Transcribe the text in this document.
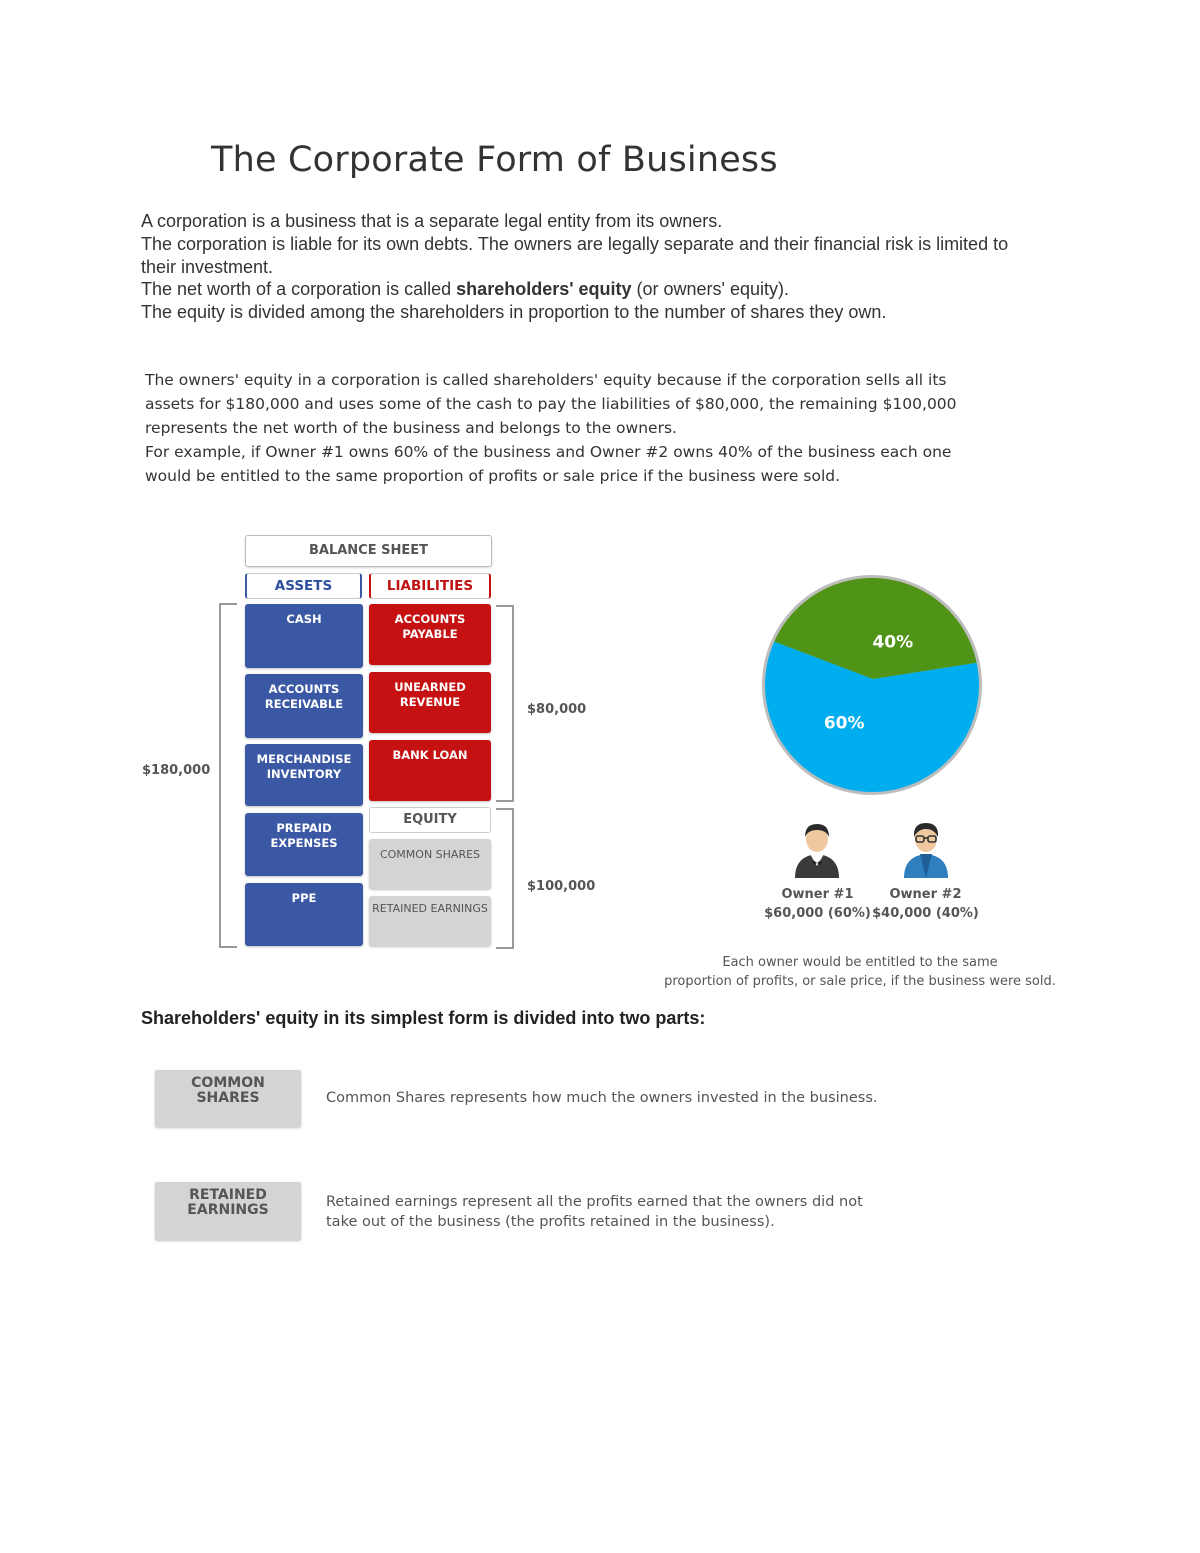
The Corporate Form of Business

A corporation is a business that is a separate legal entity from its owners.

The corporation is liable for its own debts. The owners are legally separate and their financial risk is limited to their investment.

The net worth of a corporation is called shareholders' equity (or owners' equity).

The equity is divided among the shareholders in proportion to the number of shares they own.

The owners' equity in a corporation is called shareholders' equity because if the corporation sells all its assets for $180,000 and uses some of the cash to pay the liabilities of $80,000, the remaining $100,000 represents the net worth of the business and belongs to the owners.

For example, if Owner #1 owns 60% of the business and Owner #2 owns 40% of the business each one would be entitled to the same proportion of profits or sale price if the business were sold.

BALANCE SHEET
ASSETS	LIABILITIES
CASH
ACCOUNTS RECEIVABLE
MERCHANDISE INVENTORY
PREPAID EXPENSES
PPE
ACCOUNTS PAYABLE
UNEARNED REVENUE
BANK LOAN
EQUITY
COMMON SHARES
RETAINED EARNINGS
$180,000
$80,000
$100,000
60%
40%
Owner #1
$60,000 (60%)
Owner #2
$40,000 (40%)
Each owner would be entitled to the same
proportion of profits, or sale price, if the business were sold.
Shareholders' equity in its simplest form is divided into two parts:
COMMON
SHARES	Common Shares represents how much the owners invested in the business.
RETAINED
EARNINGS	Retained earnings represent all the profits earned that the owners did not take out of the business (the profits retained in the business).
